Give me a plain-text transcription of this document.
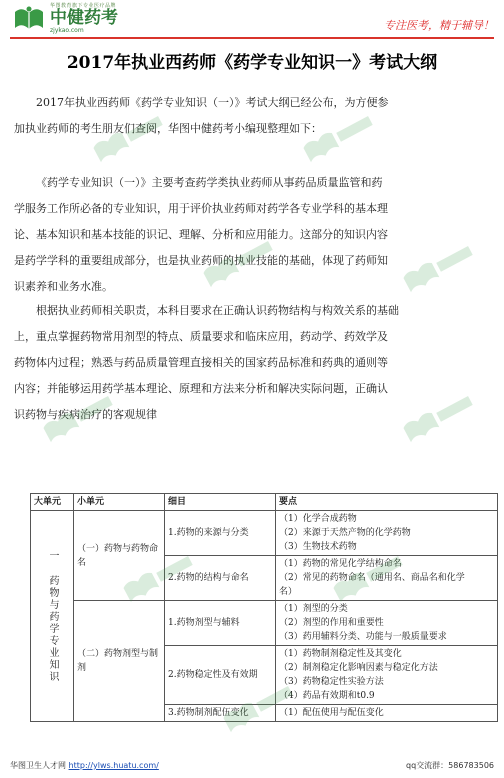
华图教育旗下专业医疗品牌
中健药考
zjykao.com	专注医考，精于辅导！
2017年执业西药师《药学专业知识一》考试大纲
2017年执业西药师《药学专业知识（一）》考试大纲已经公布，为方便参
加执业药师的考生朋友们查阅，华图中健药考小编现整理如下：
《药学专业知识（一）》主要考查药学类执业药师从事药品质量监管和药
学服务工作所必备的专业知识，用于评价执业药师对药学各专业学科的基本理
论、基本知识和基本技能的识记、理解、分析和应用能力。这部分的知识内容
是药学学科的重要组成部分，也是执业药师的执业技能的基础，体现了药师知
识素养和业务水准。
根据执业药师相关职责，本科目要求在正确认识药物结构与构效关系的基础
上，重点掌握药物常用剂型的特点、质量要求和临床应用，药动学、药效学及
药物体内过程；熟悉与药品质量管理直接相关的国家药品标准和药典的通则等
内容；并能够运用药学基本理论、原理和方法来分析和解决实际问题，正确认
识药物与疾病治疗的客观规律
大单元	小单元	细目	要点
一 药物与药学专业知识	（一）药物与药物命名	1.药物的来源与分类	（1）化学合成药物
（2）来源于天然产物的化学药物
（3）生物技术药物

		2.药物的结构与命名	（1）药物的常见化学结构命名
（2）常见的药物命名（通用名、商品名和化学
名）

	（二）药物剂型与制剂	1.药物剂型与辅料	（1）剂型的分类
（2）剂型的作用和重要性
（3）药用辅料分类、功能与一般质量要求

		2.药物稳定性及有效期	（1）药物制剂稳定性及其变化
（2）制剂稳定化影响因素与稳定化方法
（3）药物稳定性实验方法
（4）药品有效期和t0.9

		3.药物制剂配伍变化	（1）配伍使用与配伍变化
华图卫生人才网 http://ylws.huatu.com/	qq交流群：586783506
